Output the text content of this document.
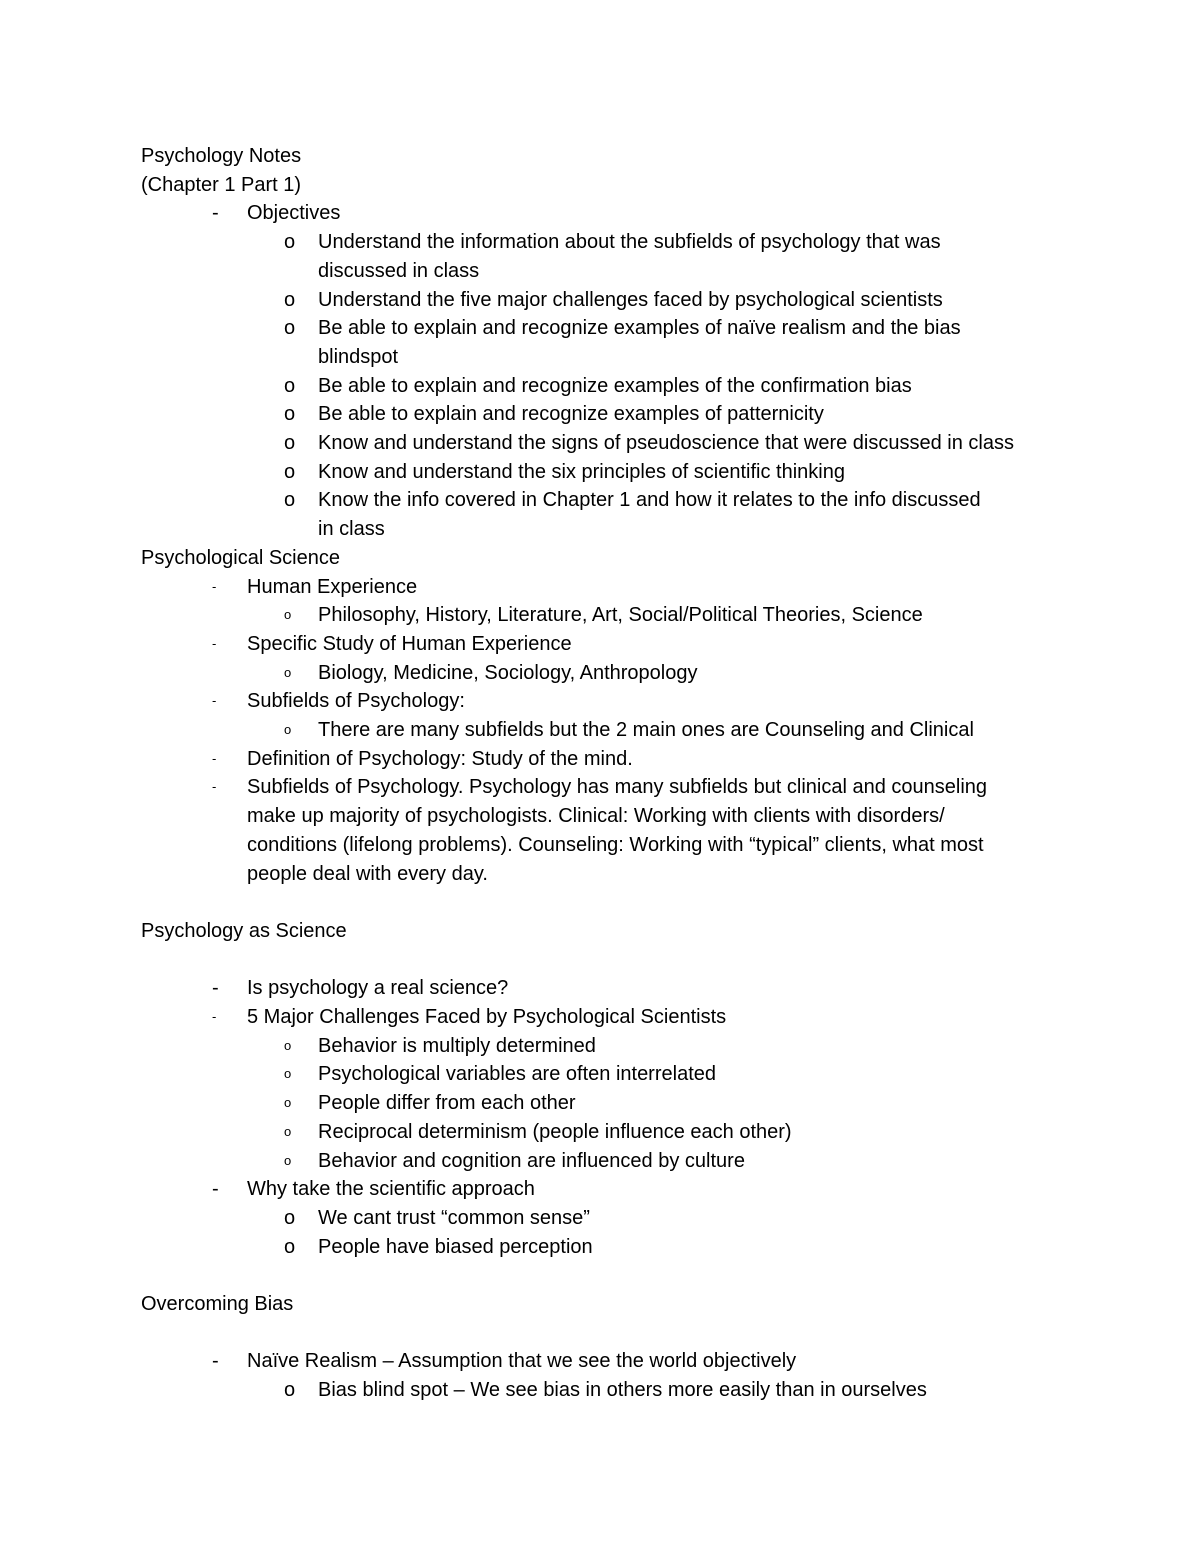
Psychology Notes
(Chapter 1 Part 1)
- Objectives
o Understand the information about the subfields of psychology that was
discussed in class
o Understand the five major challenges faced by psychological scientists
o Be able to explain and recognize examples of naïve realism and the bias
blindspot
o Be able to explain and recognize examples of the confirmation bias
o Be able to explain and recognize examples of patternicity
o Know and understand the signs of pseudoscience that were discussed in class
o Know and understand the six principles of scientific thinking
o Know the info covered in Chapter 1 and how it relates to the info discussed
in class
Psychological Science
- Human Experience
o Philosophy, History, Literature, Art, Social/Political Theories, Science
- Specific Study of Human Experience
o Biology, Medicine, Sociology, Anthropology
- Subfields of Psychology:
o There are many subfields but the 2 main ones are Counseling and Clinical
- Definition of Psychology: Study of the mind.
- Subfields of Psychology. Psychology has many subfields but clinical and counseling
make up majority of psychologists. Clinical: Working with clients with disorders/
conditions (lifelong problems). Counseling: Working with “typical” clients, what most
people deal with every day.
Psychology as Science
- Is psychology a real science?
- 5 Major Challenges Faced by Psychological Scientists
o Behavior is multiply determined
o Psychological variables are often interrelated
o People differ from each other
o Reciprocal determinism (people influence each other)
o Behavior and cognition are influenced by culture
- Why take the scientific approach
o We cant trust “common sense”
o People have biased perception
Overcoming Bias
- Naïve Realism – Assumption that we see the world objectively
o Bias blind spot – We see bias in others more easily than in ourselves
